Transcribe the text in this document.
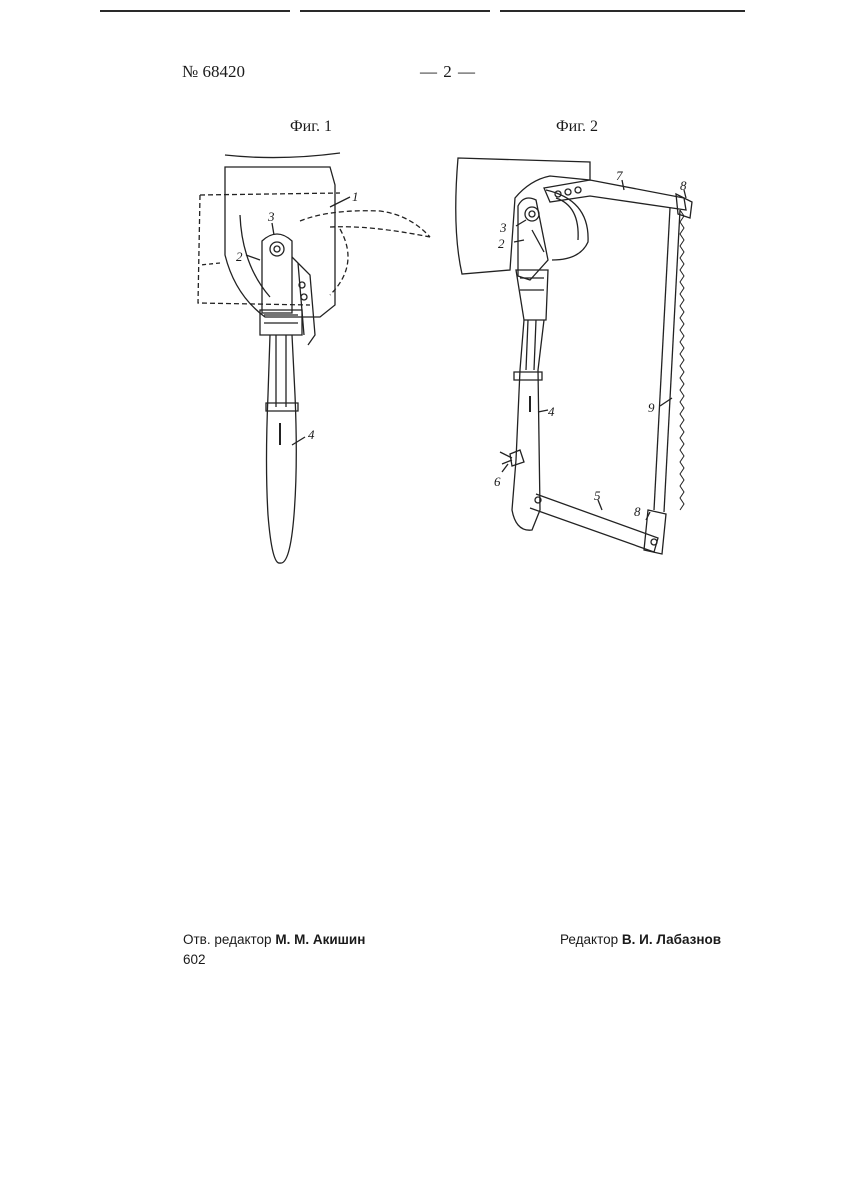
№ 68420	— 2 —
Фиг. 1	Фиг. 2
1
2
3
4
2
3
4
5
6
7
8
8
9
Отв. редактор М. М. Акишин	Редактор В. И. Лабазнов
602
